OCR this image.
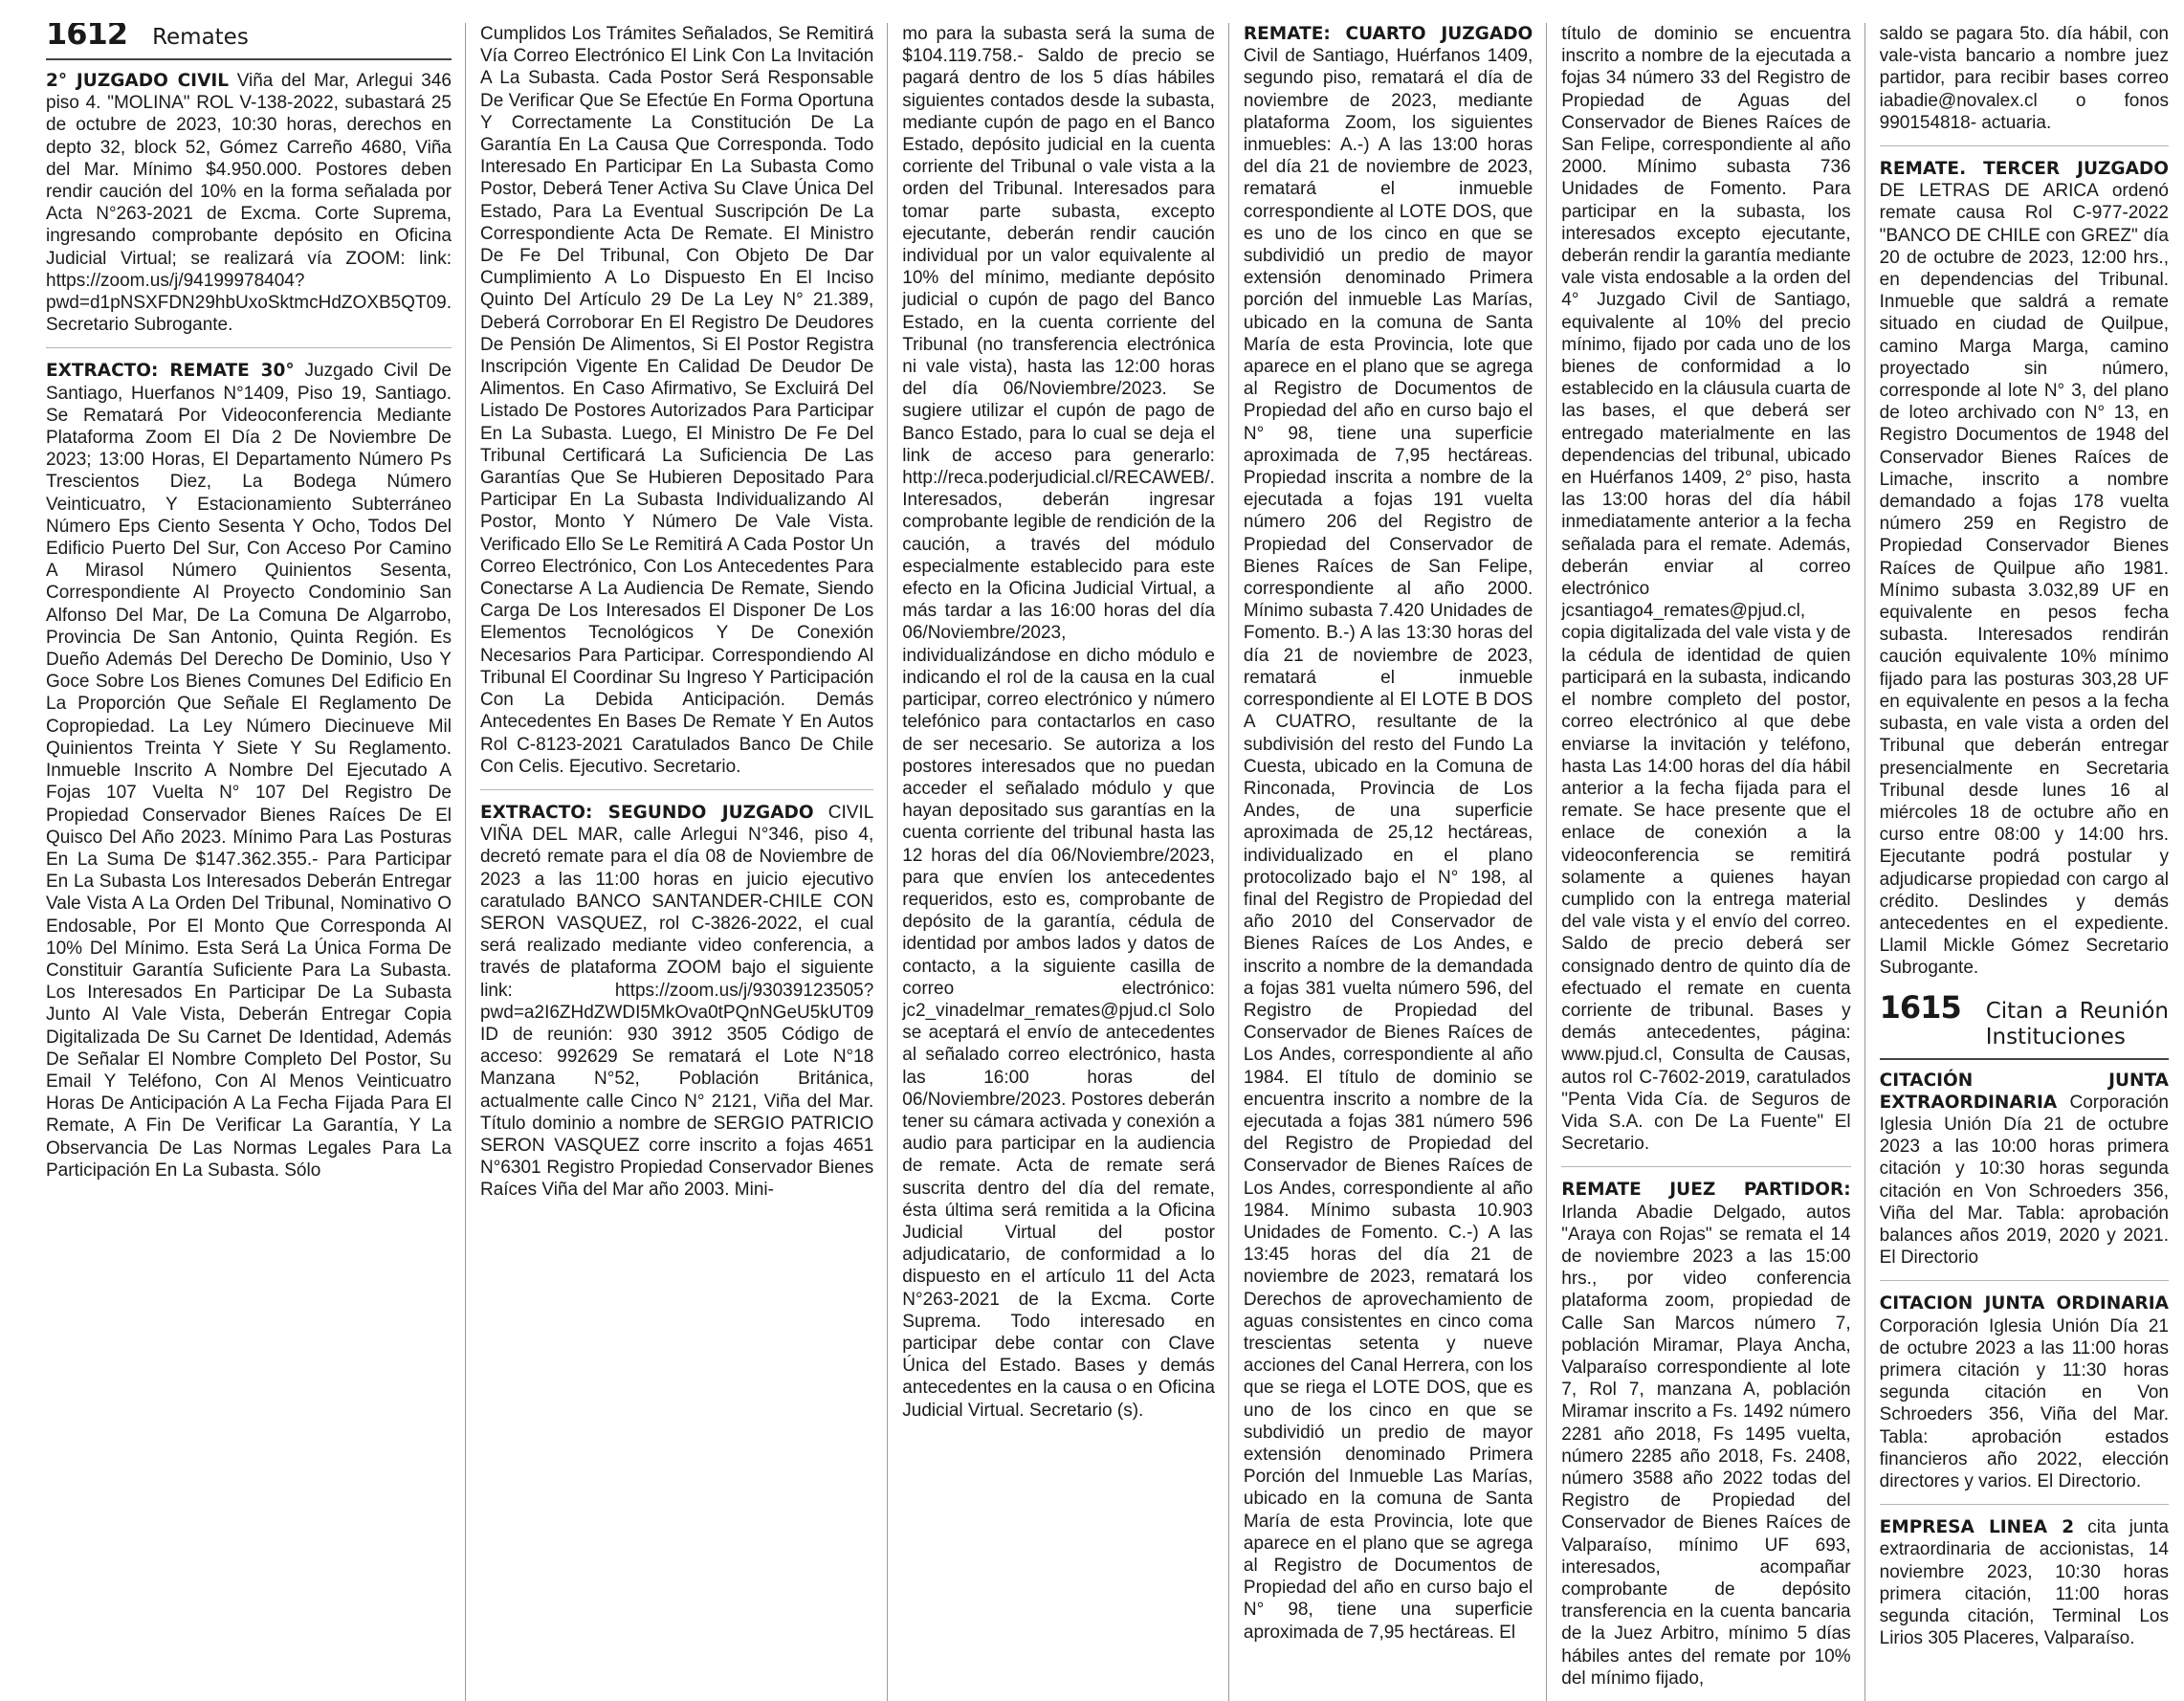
1612 Remates

2° JUZGADO CIVIL Viña del Mar, Arlegui 346 piso 4. "MOLINA" ROL V-138-2022, subastará 25 de octubre de 2023, 10:30 horas, derechos en depto 32, block 52, Gómez Carreño 4680, Viña del Mar. Mínimo $4.950.000. Postores deben rendir caución del 10% en la forma señalada por Acta N°263-2021 de Excma. Corte Suprema, ingresando comprobante depósito en Oficina Judicial Virtual; se realizará vía ZOOM: link: https://zoom.us/j/94199978404?pwd=d1pNSXFDN29hbUxoSktmcHdZOXB5QT09. Secretario Subrogante.

EXTRACTO: REMATE 30° Juzgado Civil De Santiago, Huerfanos N°1409, Piso 19, Santiago. Se Rematará Por Videoconferencia Mediante Plataforma Zoom El Día 2 De Noviembre De 2023; 13:00 Horas, El Departamento Número Ps Trescientos Diez, La Bodega Número Veinticuatro, Y Estacionamiento Subterráneo Número Eps Ciento Sesenta Y Ocho, Todos Del Edificio Puerto Del Sur, Con Acceso Por Camino A Mirasol Número Quinientos Sesenta, Correspondiente Al Proyecto Condominio San Alfonso Del Mar, De La Comuna De Algarrobo, Provincia De San Antonio, Quinta Región. Es Dueño Además Del Derecho De Dominio, Uso Y Goce Sobre Los Bienes Comunes Del Edificio En La Proporción Que Señale El Reglamento De Copropiedad. La Ley Número Diecinueve Mil Quinientos Treinta Y Siete Y Su Reglamento. Inmueble Inscrito A Nombre Del Ejecutado A Fojas 107 Vuelta N° 107 Del Registro De Propiedad Conservador Bienes Raíces De El Quisco Del Año 2023. Mínimo Para Las Posturas En La Suma De $147.362.355.- Para Participar En La Subasta Los Interesados Deberán Entregar Vale Vista A La Orden Del Tribunal, Nominativo O Endosable, Por El Monto Que Corresponda Al 10% Del Mínimo. Esta Será La Única Forma De Constituir Garantía Suficiente Para La Subasta. Los Interesados En Participar De La Subasta Junto Al Vale Vista, Deberán Entregar Copia Digitalizada De Su Carnet De Identidad, Además De Señalar El Nombre Completo Del Postor, Su Email Y Teléfono, Con Al Menos Veinticuatro Horas De Anticipación A La Fecha Fijada Para El Remate, A Fin De Verificar La Garantía, Y La Observancia De Las Normas Legales Para La Participación En La Subasta. Sólo

Cumplidos Los Trámites Señalados, Se Remitirá Vía Correo Electrónico El Link Con La Invitación A La Subasta. Cada Postor Será Responsable De Verificar Que Se Efectúe En Forma Oportuna Y Correctamente La Constitución De La Garantía En La Causa Que Corresponda. Todo Interesado En Participar En La Subasta Como Postor, Deberá Tener Activa Su Clave Única Del Estado, Para La Eventual Suscripción De La Correspondiente Acta De Remate. El Ministro De Fe Del Tribunal, Con Objeto De Dar Cumplimiento A Lo Dispuesto En El Inciso Quinto Del Artículo 29 De La Ley N° 21.389, Deberá Corroborar En El Registro De Deudores De Pensión De Alimentos, Si El Postor Registra Inscripción Vigente En Calidad De Deudor De Alimentos. En Caso Afirmativo, Se Excluirá Del Listado De Postores Autorizados Para Participar En La Subasta. Luego, El Ministro De Fe Del Tribunal Certificará La Suficiencia De Las Garantías Que Se Hubieren Depositado Para Participar En La Subasta Individualizando Al Postor, Monto Y Número De Vale Vista. Verificado Ello Se Le Remitirá A Cada Postor Un Correo Electrónico, Con Los Antecedentes Para Conectarse A La Audiencia De Remate, Siendo Carga De Los Interesados El Disponer De Los Elementos Tecnológicos Y De Conexión Necesarios Para Participar. Correspondiendo Al Tribunal El Coordinar Su Ingreso Y Participación Con La Debida Anticipación. Demás Antecedentes En Bases De Remate Y En Autos Rol C-8123-2021 Caratulados Banco De Chile Con Celis. Ejecutivo. Secretario.

EXTRACTO: SEGUNDO JUZGADO CIVIL VIÑA DEL MAR, calle Arlegui N°346, piso 4, decretó remate para el día 08 de Noviembre de 2023 a las 11:00 horas en juicio ejecutivo caratulado BANCO SANTANDER-CHILE CON SERON VASQUEZ, rol C-3826-2022, el cual será realizado mediante video conferencia, a través de plataforma ZOOM bajo el siguiente link: https://zoom.us/j/93039123505?pwd=a2I6ZHdZWDI5MkOva0tPQnNGeU5kUT09 ID de reunión: 930 3912 3505 Código de acceso: 992629 Se rematará el Lote N°18 Manzana N°52, Población Británica, actualmente calle Cinco N° 2121, Viña del Mar. Título dominio a nombre de SERGIO PATRICIO SERON VASQUEZ corre inscrito a fojas 4651 N°6301 Registro Propiedad Conservador Bienes Raíces Viña del Mar año 2003. Mini-

mo para la subasta será la suma de $104.119.758.- Saldo de precio se pagará dentro de los 5 días hábiles siguientes contados desde la subasta, mediante cupón de pago en el Banco Estado, depósito judicial en la cuenta corriente del Tribunal o vale vista a la orden del Tribunal. Interesados para tomar parte subasta, excepto ejecutante, deberán rendir caución individual por un valor equivalente al 10% del mínimo, mediante depósito judicial o cupón de pago del Banco Estado, en la cuenta corriente del Tribunal (no transferencia electrónica ni vale vista), hasta las 12:00 horas del día 06/Noviembre/2023. Se sugiere utilizar el cupón de pago de Banco Estado, para lo cual se deja el link de acceso para generarlo: http://reca.poderjudicial.cl/RECAWEB/. Interesados, deberán ingresar comprobante legible de rendición de la caución, a través del módulo especialmente establecido para este efecto en la Oficina Judicial Virtual, a más tardar a las 16:00 horas del día 06/Noviembre/2023, individualizándose en dicho módulo e indicando el rol de la causa en la cual participar, correo electrónico y número telefónico para contactarlos en caso de ser necesario. Se autoriza a los postores interesados que no puedan acceder el señalado módulo y que hayan depositado sus garantías en la cuenta corriente del tribunal hasta las 12 horas del día 06/Noviembre/2023, para que envíen los antecedentes requeridos, esto es, comprobante de depósito de la garantía, cédula de identidad por ambos lados y datos de contacto, a la siguiente casilla de correo electrónico: jc2_vinadelmar_remates@pjud.cl Solo se aceptará el envío de antecedentes al señalado correo electrónico, hasta las 16:00 horas del 06/Noviembre/2023. Postores deberán tener su cámara activada y conexión a audio para participar en la audiencia de remate. Acta de remate será suscrita dentro del día del remate, ésta última será remitida a la Oficina Judicial Virtual del postor adjudicatario, de conformidad a lo dispuesto en el artículo 11 del Acta N°263-2021 de la Excma. Corte Suprema. Todo interesado en participar debe contar con Clave Única del Estado. Bases y demás antecedentes en la causa o en Oficina Judicial Virtual. Secretario (s).

REMATE: CUARTO JUZGADO Civil de Santiago, Huérfanos 1409, segundo piso, rematará el día de noviembre de 2023, mediante plataforma Zoom, los siguientes inmuebles: A.-) A las 13:00 horas del día 21 de noviembre de 2023, rematará el inmueble correspondiente al LOTE DOS, que es uno de los cinco en que se subdividió un predio de mayor extensión denominado Primera porción del inmueble Las Marías, ubicado en la comuna de Santa María de esta Provincia, lote que aparece en el plano que se agrega al Registro de Documentos de Propiedad del año en curso bajo el N° 98, tiene una superficie aproximada de 7,95 hectáreas. Propiedad inscrita a nombre de la ejecutada a fojas 191 vuelta número 206 del Registro de Propiedad del Conservador de Bienes Raíces de San Felipe, correspondiente al año 2000. Mínimo subasta 7.420 Unidades de Fomento. B.-) A las 13:30 horas del día 21 de noviembre de 2023, rematará el inmueble correspondiente al El LOTE B DOS A CUATRO, resultante de la subdivisión del resto del Fundo La Cuesta, ubicado en la Comuna de Rinconada, Provincia de Los Andes, de una superficie aproximada de 25,12 hectáreas, individualizado en el plano protocolizado bajo el N° 198, al final del Registro de Propiedad del año 2010 del Conservador de Bienes Raíces de Los Andes, e inscrito a nombre de la demandada a fojas 381 vuelta número 596, del Registro de Propiedad del Conservador de Bienes Raíces de Los Andes, correspondiente al año 1984. El título de dominio se encuentra inscrito a nombre de la ejecutada a fojas 381 número 596 del Registro de Propiedad del Conservador de Bienes Raíces de Los Andes, correspondiente al año 1984. Mínimo subasta 10.903 Unidades de Fomento. C.-) A las 13:45 horas del día 21 de noviembre de 2023, rematará los Derechos de aprovechamiento de aguas consistentes en cinco coma trescientas setenta y nueve acciones del Canal Herrera, con los que se riega el LOTE DOS, que es uno de los cinco en que se subdividió un predio de mayor extensión denominado Primera Porción del Inmueble Las Marías, ubicado en la comuna de Santa María de esta Provincia, lote que aparece en el plano que se agrega al Registro de Documentos de Propiedad del año en curso bajo el N° 98, tiene una superficie aproximada de 7,95 hectáreas. El

título de dominio se encuentra inscrito a nombre de la ejecutada a fojas 34 número 33 del Registro de Propiedad de Aguas del Conservador de Bienes Raíces de San Felipe, correspondiente al año 2000. Mínimo subasta 736 Unidades de Fomento. Para participar en la subasta, los interesados excepto ejecutante, deberán rendir la garantía mediante vale vista endosable a la orden del 4° Juzgado Civil de Santiago, equivalente al 10% del precio mínimo, fijado por cada uno de los bienes de conformidad a lo establecido en la cláusula cuarta de las bases, el que deberá ser entregado materialmente en las dependencias del tribunal, ubicado en Huérfanos 1409, 2° piso, hasta las 13:00 horas del día hábil inmediatamente anterior a la fecha señalada para el remate. Además, deberán enviar al correo electrónico jcsantiago4_remates@pjud.cl, copia digitalizada del vale vista y de la cédula de identidad de quien participará en la subasta, indicando el nombre completo del postor, correo electrónico al que debe enviarse la invitación y teléfono, hasta Las 14:00 horas del día hábil anterior a la fecha fijada para el remate. Se hace presente que el enlace de conexión a la videoconferencia se remitirá solamente a quienes hayan cumplido con la entrega material del vale vista y el envío del correo. Saldo de precio deberá ser consignado dentro de quinto día de efectuado el remate en cuenta corriente de tribunal. Bases y demás antecedentes, página: www.pjud.cl, Consulta de Causas, autos rol C-7602-2019, caratulados "Penta Vida Cía. de Seguros de Vida S.A. con De La Fuente" El Secretario.

REMATE JUEZ PARTIDOR: Irlanda Abadie Delgado, autos "Araya con Rojas" se remata el 14 de noviembre 2023 a las 15:00 hrs., por video conferencia plataforma zoom, propiedad de Calle San Marcos número 7, población Miramar, Playa Ancha, Valparaíso correspondiente al lote 7, Rol 7, manzana A, población Miramar inscrito a Fs. 1492 número 2281 año 2018, Fs 1495 vuelta, número 2285 año 2018, Fs. 2408, número 3588 año 2022 todas del Registro de Propiedad del Conservador de Bienes Raíces de Valparaíso, mínimo UF 693, interesados, acompañar comprobante de depósito transferencia en la cuenta bancaria de la Juez Arbitro, mínimo 5 días hábiles antes del remate por 10% del mínimo fijado,

saldo se pagara 5to. día hábil, con vale-vista bancario a nombre juez partidor, para recibir bases correo iabadie@novalex.cl o fonos 990154818- actuaria.

REMATE. TERCER JUZGADO DE LETRAS DE ARICA ordenó remate causa Rol C-977-2022 "BANCO DE CHILE con GREZ" día 20 de octubre de 2023, 12:00 hrs., en dependencias del Tribunal. Inmueble que saldrá a remate situado en ciudad de Quilpue, camino Marga Marga, camino proyectado sin número, corresponde al lote N° 3, del plano de loteo archivado con N° 13, en Registro Documentos de 1948 del Conservador Bienes Raíces de Limache, inscrito a nombre demandado a fojas 178 vuelta número 259 en Registro de Propiedad Conservador Bienes Raíces de Quilpue año 1981. Mínimo subasta 3.032,89 UF en equivalente en pesos fecha subasta. Interesados rendirán caución equivalente 10% mínimo fijado para las posturas 303,28 UF en equivalente en pesos a la fecha subasta, en vale vista a orden del Tribunal que deberán entregar presencialmente en Secretaria Tribunal desde lunes 16 al miércoles 18 de octubre año en curso entre 08:00 y 14:00 hrs. Ejecutante podrá postular y adjudicarse propiedad con cargo al crédito. Deslindes y demás antecedentes en el expediente. Llamil Mickle Gómez Secretario Subrogante.

1615 Citan a Reunión Instituciones

CITACIÓN JUNTA EXTRAORDINARIA Corporación Iglesia Unión Día 21 de octubre 2023 a las 10:00 horas primera citación y 10:30 horas segunda citación en Von Schroeders 356, Viña del Mar. Tabla: aprobación balances años 2019, 2020 y 2021. El Directorio

CITACION JUNTA ORDINARIA Corporación Iglesia Unión Día 21 de octubre 2023 a las 11:00 horas primera citación y 11:30 horas segunda citación en Von Schroeders 356, Viña del Mar. Tabla: aprobación estados financieros año 2022, elección directores y varios. El Directorio.

EMPRESA LINEA 2 cita junta extraordinaria de accionistas, 14 noviembre 2023, 10:30 horas primera citación, 11:00 horas segunda citación, Terminal Los Lirios 305 Placeres, Valparaíso.
